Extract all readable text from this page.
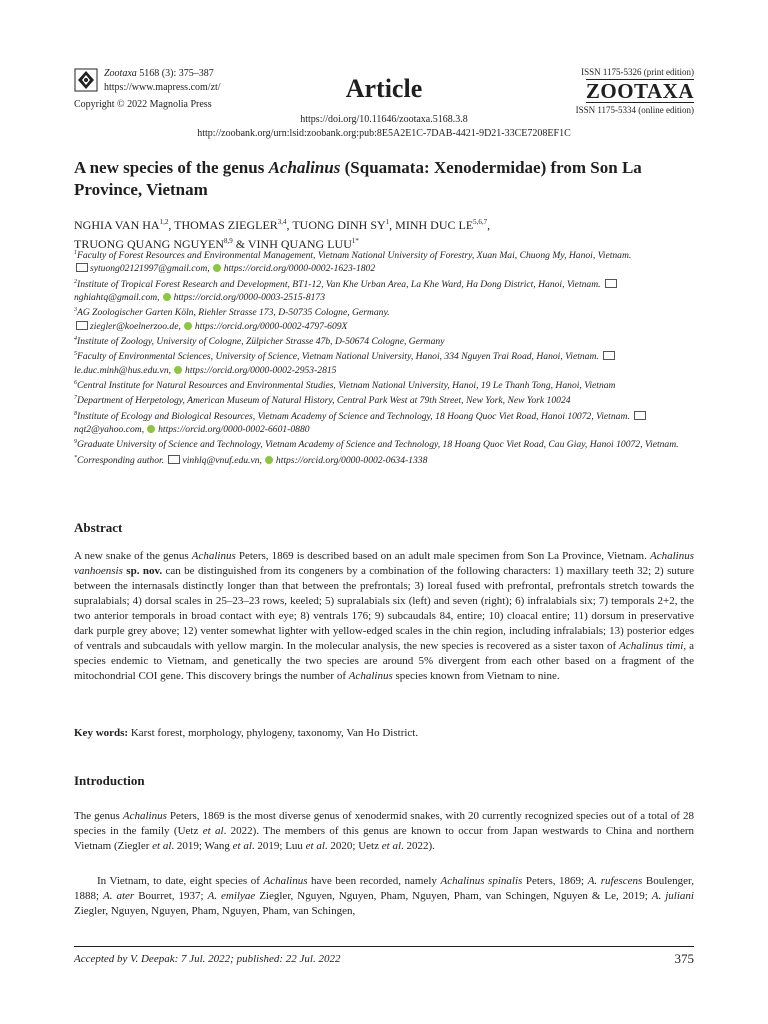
Zootaxa 5168 (3): 375–387
https://www.mapress.com/zt/
Copyright © 2022 Magnolia Press
Article
ISSN 1175-5326 (print edition)
ZOOTAXA
ISSN 1175-5334 (online edition)
https://doi.org/10.11646/zootaxa.5168.3.8
http://zoobank.org/urn:lsid:zoobank.org:pub:8E5A2E1C-7DAB-4421-9D21-33CE7208EF1C
A new species of the genus Achalinus (Squamata: Xenodermidae) from Son La Province, Vietnam
NGHIA VAN HA$^{1,2}$, THOMAS ZIEGLER$^{3,4}$, TUONG DINH $SY^1$, MINH DUC LE$^{5,6,7}$,
TRUONG QUANG NGUYEN$^{8,9}$ & VINH QUANG $LUU^{1*}$

$^1$Faculty of Forest Resources and Environmental Management, Vietnam National University of Forestry, Xuan Mai, Chuong My, Hanoi, Vietnam.

sytuong02121997@gmail.com, https://orcid.org/0000-0002-1623-1802

$^2$Institute of Tropical Forest Research and Development, BT1-12, Van Khe Urban Area, La Khe Ward, Ha Dong District, Hanoi, Vietnam. nghiahtq@gmail.com, https://orcid.org/0000-0003-2515-8173

$^3$AG Zoologischer Garten Köln, Riehler Strasse 173, D-50735 Cologne, Germany.

ziegler@koelnerzoo.de, https://orcid.org/0000-0002-4797-609X

$^4$Institute of Zoology, University of Cologne, Zülpicher Strasse 47b, D-50674 Cologne, Germany

$^5$Faculty of Environmental Sciences, University of Science, Vietnam National University, Hanoi, 334 Nguyen Trai Road, Hanoi, Vietnam. le.duc.minh@hus.edu.vn, https://orcid.org/0000-0002-2953-2815

$^6$Central Institute for Natural Resources and Environmental Studies, Vietnam National University, Hanoi, 19 Le Thanh Tong, Hanoi, Vietnam

$^7$Department of Herpetology, American Museum of Natural History, Central Park West at 79th Street, New York, New York 10024

$^8$Institute of Ecology and Biological Resources, Vietnam Academy of Science and Technology, 18 Hoang Quoc Viet Road, Hanoi 10072, Vietnam. nqt2@yahoo.com, https://orcid.org/0000-0002-6601-0880

$^9$Graduate University of Science and Technology, Vietnam Academy of Science and Technology, 18 Hoang Quoc Viet Road, Cau Giay, Hanoi 10072, Vietnam.

*Corresponding author. vinhlq@vnuf.edu.vn, https://orcid.org/0000-0002-0634-1338

Abstract
A new snake of the genus Achalinus Peters, 1869 is described based on an adult male specimen from Son La Province, Vietnam. Achalinus vanhoensis sp. nov. can be distinguished from its congeners by a combination of the following characters: 1) maxillary teeth 32; 2) suture between the internasals distinctly longer than that between the prefrontals; 3) loreal fused with prefrontal, prefrontals stretch towards the supralabials; 4) dorsal scales in 25–23–23 rows, keeled; 5) supralabials six (left) and seven (right); 6) infralabials six; 7) temporals 2+2, the two anterior temporals in broad contact with eye; 8) ventrals 176; 9) subcaudals 84, entire; 10) cloacal entire; 11) dorsum in preservative dark purple grey above; 12) venter somewhat lighter with yellow-edged scales in the chin region, including infralabials; 13) posterior edges of ventrals and subcaudals with yellow margin. In the molecular analysis, the new species is recovered as a sister taxon of Achalinus timi, a species endemic to Vietnam, and genetically the two species are around 5% divergent from each other based on a fragment of the mitochondrial COI gene. This discovery brings the number of Achalinus species known from Vietnam to nine.
Key words: Karst forest, morphology, phylogeny, taxonomy, Van Ho District.
Introduction
The genus Achalinus Peters, 1869 is the most diverse genus of xenodermid snakes, with 20 currently recognized species out of a total of 28 species in the family (Uetz et al. 2022). The members of this genus are known to occur from Japan westwards to China and northern Vietnam (Ziegler et al. 2019; Wang et al. 2019; Luu et al. 2020; Uetz et al. 2022).
In Vietnam, to date, eight species of Achalinus have been recorded, namely Achalinus spinalis Peters, 1869; A. rufescens Boulenger, 1888; A. ater Bourret, 1937; A. emilyae Ziegler, Nguyen, Nguyen, Pham, Nguyen, Pham, van Schingen, Nguyen & Le, 2019; A. juliani Ziegler, Nguyen, Nguyen, Pham, Nguyen, Pham, van Schingen,
Accepted by V. Deepak: 7 Jul. 2022; published: 22 Jul. 2022	375
